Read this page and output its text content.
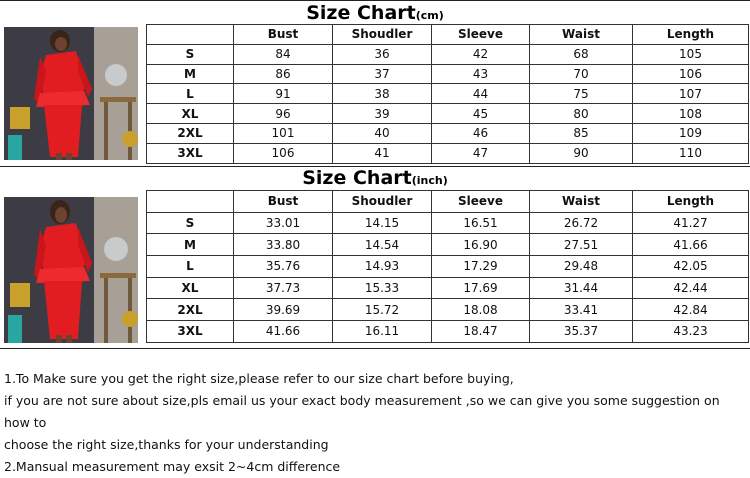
Size Chart(cm)
	Bust	Shoudler	Sleeve	Waist	Length
S	84	36	42	68	105
M	86	37	43	70	106
L	91	38	44	75	107
XL	96	39	45	80	108
2XL	101	40	46	85	109
3XL	106	41	47	90	110
Size Chart(inch)
	Bust	Shoudler	Sleeve	Waist	Length
S	33.01	14.15	16.51	26.72	41.27
M	33.80	14.54	16.90	27.51	41.66
L	35.76	14.93	17.29	29.48	42.05
XL	37.73	15.33	17.69	31.44	42.44
2XL	39.69	15.72	18.08	33.41	42.84
3XL	41.66	16.11	18.47	35.37	43.23

1.To Make sure you get the right size,please refer to our size chart before buying,

if you are not sure about size,pls email us your exact body measurement ,so we can give you some suggestion on how to

choose the right size,thanks for your understanding

2.Mansual measurement may exsit 2~4cm difference
